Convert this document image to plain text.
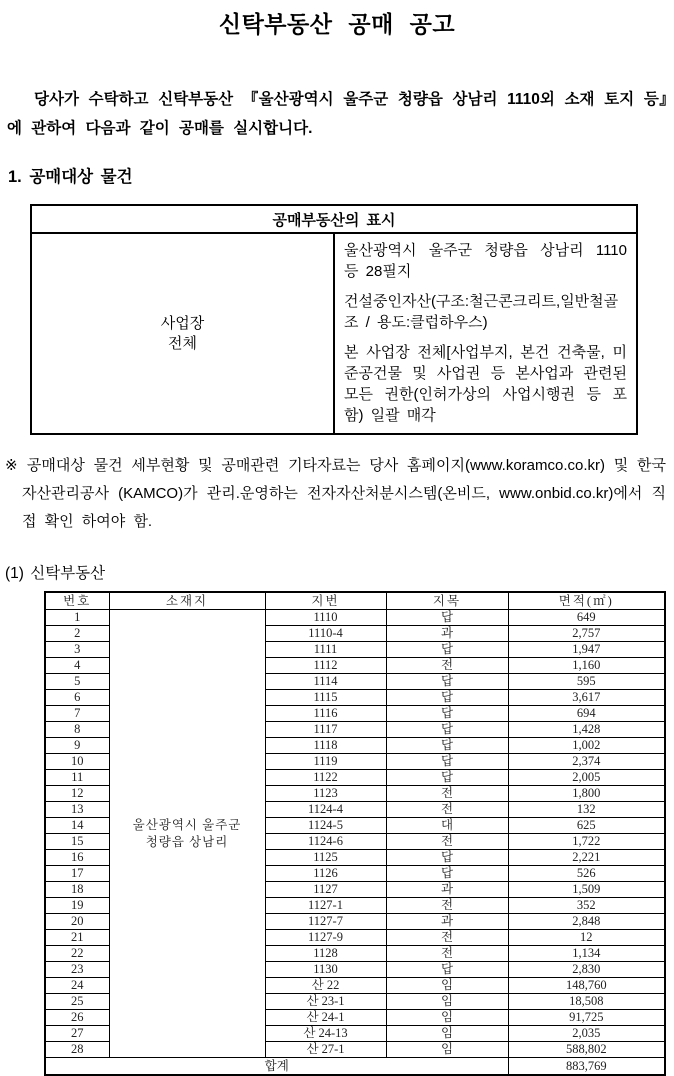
신탁부동산 공매 공고

당사가 수탁하고 신탁부동산 『울산광역시 울주군 청량읍 상남리 1110외 소재 토지 등』에 관하여 다음과 같이 공매를 실시합니다.

1. 공매대상 물건
공매부동산의 표시

사업장
전체

울산광역시 울주군 청량읍 상남리 1110 등 28필지

건설중인자산(구조:철근콘크리트,일반철골조 / 용도:클럽하우스)

본 사업장 전체[사업부지, 본건 건축물, 미준공건물 및 사업권 등 본사업과 관련된 모든 권한(인허가상의 사업시행권 등 포함) 일괄 매각

※ 공매대상 물건 세부현황 및 공매관련 기타자료는 당사 홈페이지(www.koramco.co.kr) 및 한국자산관리공사 (KAMCO)가 관리.운영하는 전자자산처분시스템(온비드, www.onbid.co.kr)에서 직접 확인 하여야 함.

(1) 신탁부동산
번호	소재지	지번	지목	면적(㎡)
1	울산광역시 울주군
청량읍 상남리	1110	답	649
2		1110-4	과	2,757
3		1111	답	1,947
4		1112	전	1,160
5		1114	답	595
6		1115	답	3,617
7		1116	답	694
8		1117	답	1,428
9		1118	답	1,002
10		1119	답	2,374
11		1122	답	2,005
12		1123	전	1,800
13		1124-4	전	132
14		1124-5	대	625
15		1124-6	전	1,722
16		1125	답	2,221
17		1126	답	526
18		1127	과	1,509
19		1127-1	전	352
20		1127-7	과	2,848
21		1127-9	전	12
22		1128	전	1,134
23		1130	답	2,830
24		산 22	임	148,760
25		산 23-1	임	18,508
26		산 24-1	임	91,725
27		산 24-13	임	2,035
28		산 27-1	임	588,802
합계				883,769
